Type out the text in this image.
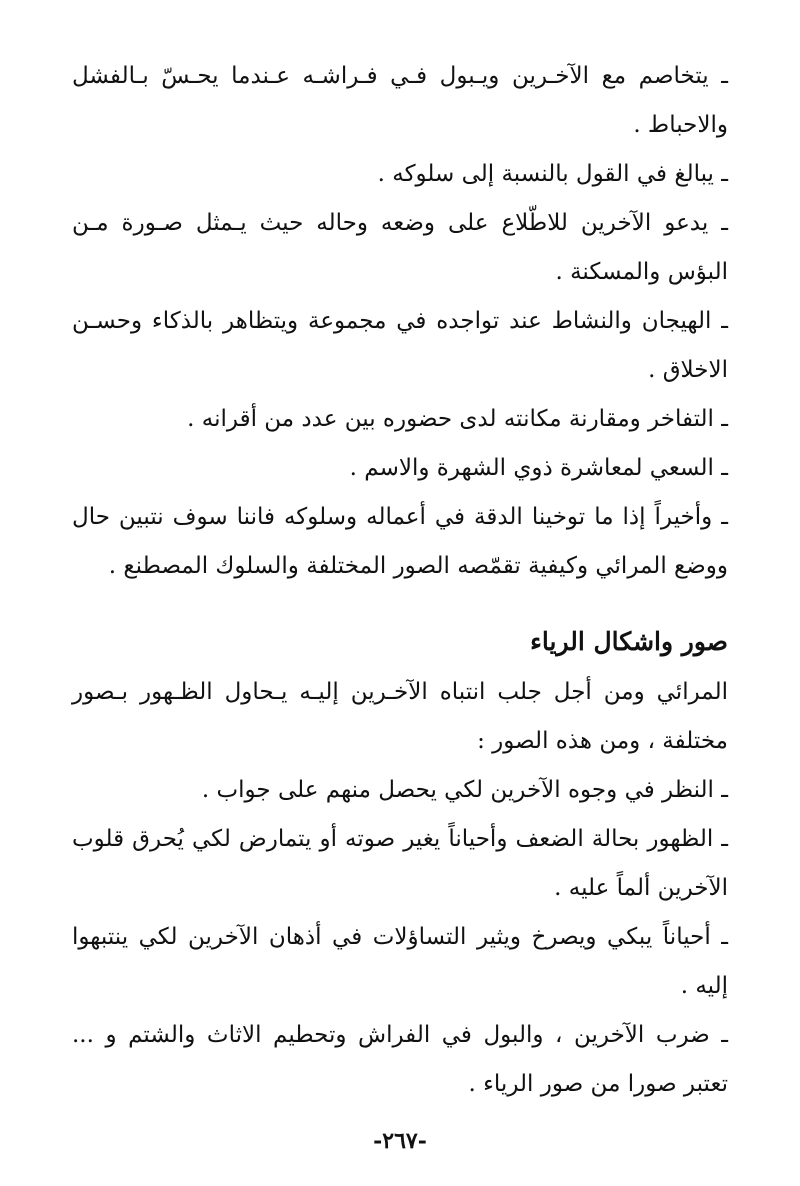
ـ يتخاصم مع الآخـرين ويـبول فـي فـراشـه عـندما يحـسّ بـالفشل والاحباط .

ـ يبالغ في القول بالنسبة إلى سلوكه .

ـ يدعو الآخرين للاطّلاع على وضعه وحاله حيث يـمثل صـورة مـن البؤس والمسكنة .

ـ الهيجان والنشاط عند تواجده في مجموعة ويتظاهر بالذكاء وحسـن الاخلاق .

ـ التفاخر ومقارنة مكانته لدى حضوره بين عدد من أقرانه .

ـ السعي لمعاشرة ذوي الشهرة والاسم .

ـ وأخيراً إذا ما توخينا الدقة في أعماله وسلوكه فاننا سوف نتبين حال ووضع المرائي وكيفية تقمّصه الصور المختلفة والسلوك المصطنع .

صور واشكال الرياء

المرائي ومن أجل جلب انتباه الآخـرين إليـه يـحاول الظـهور بـصور مختلفة ، ومن هذه الصور :

ـ النظر في وجوه الآخرين لكي يحصل منهم على جواب .

ـ الظهور بحالة الضعف وأحياناً يغير صوته أو يتمارض لكي يُحرق قلوب الآخرين ألماً عليه .

ـ أحياناً يبكي ويصرخ ويثير التساؤلات في أذهان الآخرين لكي ينتبهوا إليه .

ـ ضرب الآخرين ، والبول في الفراش وتحطيم الاثاث والشتم و ... تعتبر صورا من صور الرياء .

-٢٦٧-
